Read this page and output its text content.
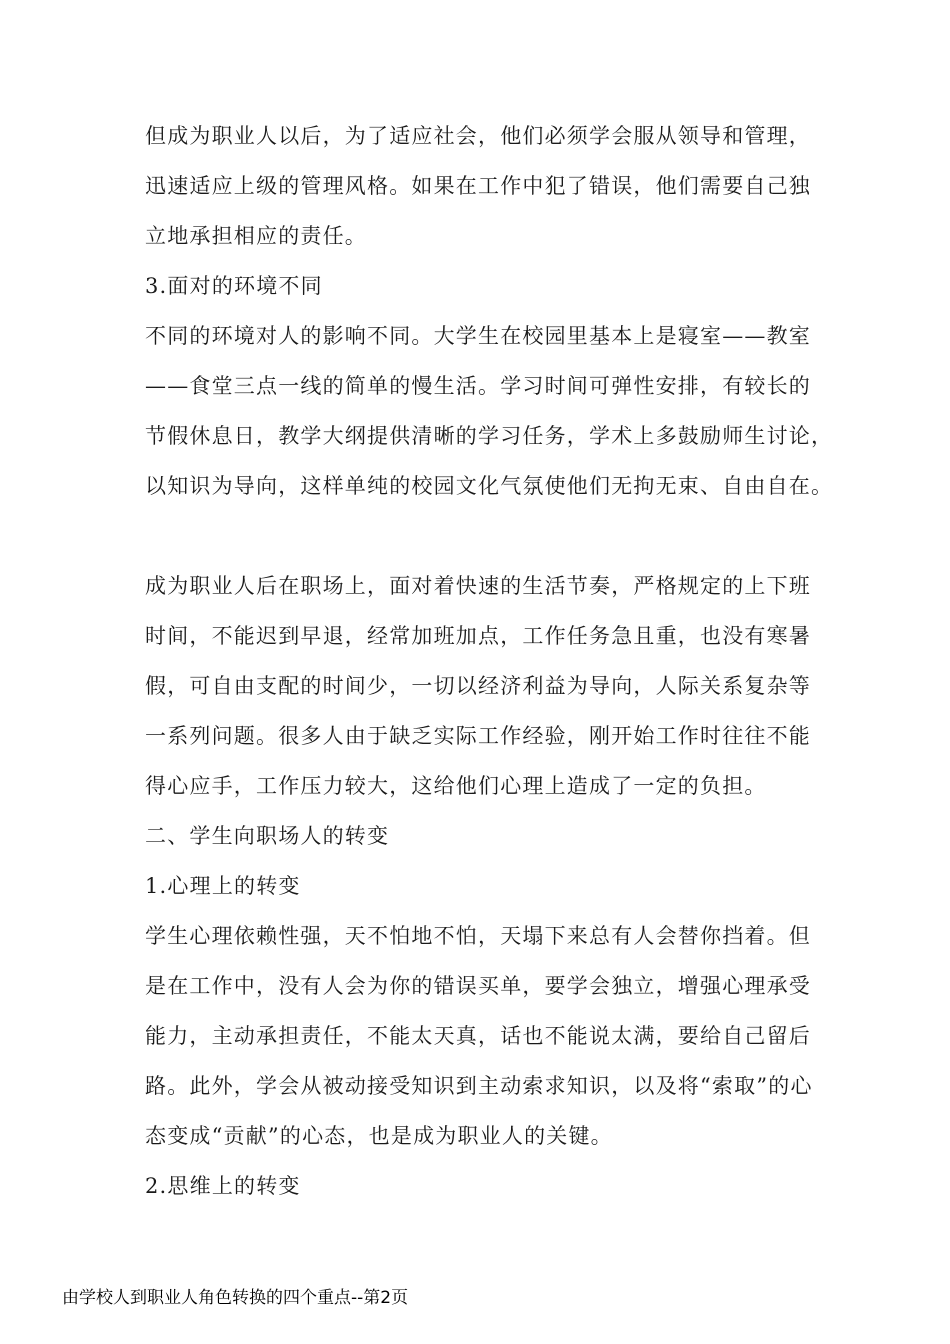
但成为职业人以后，为了适应社会，他们必须学会服从领导和管理，
迅速适应上级的管理风格。如果在工作中犯了错误，他们需要自己独
立地承担相应的责任。
3.面对的环境不同
不同的环境对人的影响不同。大学生在校园里基本上是寝室——教室
——食堂三点一线的简单的慢生活。学习时间可弹性安排，有较长的
节假休息日，教学大纲提供清晰的学习任务，学术上多鼓励师生讨论，
以知识为导向，这样单纯的校园文化气氛使他们无拘无束、自由自在。
成为职业人后在职场上，面对着快速的生活节奏，严格规定的上下班
时间，不能迟到早退，经常加班加点，工作任务急且重，也没有寒暑
假，可自由支配的时间少，一切以经济利益为导向，人际关系复杂等
一系列问题。很多人由于缺乏实际工作经验，刚开始工作时往往不能
得心应手，工作压力较大，这给他们心理上造成了一定的负担。
二、学生向职场人的转变
1.心理上的转变
学生心理依赖性强，天不怕地不怕，天塌下来总有人会替你挡着。但
是在工作中，没有人会为你的错误买单，要学会独立，增强心理承受
能力，主动承担责任，不能太天真，话也不能说太满，要给自己留后
路。此外，学会从被动接受知识到主动索求知识，以及将“索取”的心
态变成“贡献”的心态，也是成为职业人的关键。
2.思维上的转变
由学校人到职业人角色转换的四个重点--第2页
